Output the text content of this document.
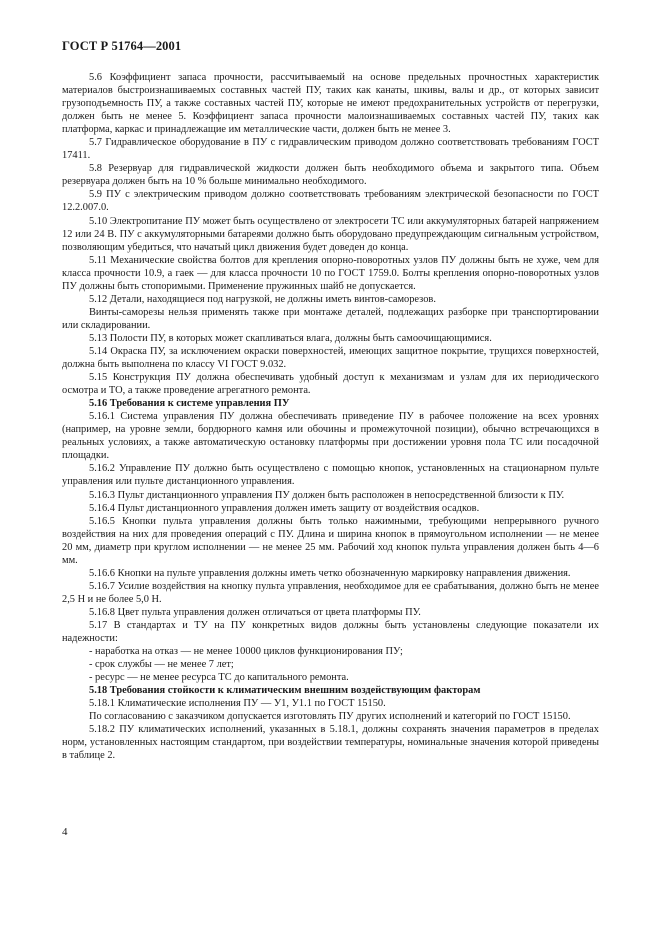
ГОСТ Р 51764—2001

5.6 Коэффициент запаса прочности, рассчитываемый на основе предельных прочностных характеристик материалов быстроизнашиваемых составных частей ПУ, таких как канаты, шкивы, валы и др., от которых зависит грузоподъемность ПУ, а также составных частей ПУ, которые не имеют предохранительных устройств от перегрузки, должен быть не менее 5. Коэффициент запаса прочности малоизнашиваемых составных частей ПУ, таких как платформа, каркас и принадлежащие им металлические части, должен быть не менее 3.

5.7 Гидравлическое оборудование в ПУ с гидравлическим приводом должно соответствовать требованиям ГОСТ 17411.

5.8 Резервуар для гидравлической жидкости должен быть необходимого объема и закрытого типа. Объем резервуара должен быть на 10 % больше минимально необходимого.

5.9 ПУ с электрическим приводом должно соответствовать требованиям электрической безопасности по ГОСТ 12.2.007.0.

5.10 Электропитание ПУ может быть осуществлено от электросети ТС или аккумуляторных батарей напряжением 12 или 24 В. ПУ с аккумуляторными батареями должно быть оборудовано предупреждающим сигнальным устройством, позволяющим убедиться, что начатый цикл движения будет доведен до конца.

5.11 Механические свойства болтов для крепления опорно-поворотных узлов ПУ должны быть не хуже, чем для класса прочности 10.9, а гаек — для класса прочности 10 по ГОСТ 1759.0. Болты крепления опорно-поворотных узлов ПУ должны быть стопоримыми. Применение пружинных шайб не допускается.

5.12 Детали, находящиеся под нагрузкой, не должны иметь винтов-саморезов.

Винты-саморезы нельзя применять также при монтаже деталей, подлежащих разборке при транспортировании или складировании.

5.13 Полости ПУ, в которых может скапливаться влага, должны быть самоочищающимися.

5.14 Окраска ПУ, за исключением окраски поверхностей, имеющих защитное покрытие, трущихся поверхностей, должна быть выполнена по классу VI ГОСТ 9.032.

5.15 Конструкция ПУ должна обеспечивать удобный доступ к механизмам и узлам для их периодического осмотра и ТО, а также проведение агрегатного ремонта.

5.16 Требования к системе управления ПУ

5.16.1 Система управления ПУ должна обеспечивать приведение ПУ в рабочее положение на всех уровнях (например, на уровне земли, бордюрного камня или обочины и промежуточной позиции), обычно встречающихся в реальных условиях, а также автоматическую остановку платформы при достижении уровня пола ТС или посадочной площадки.

5.16.2 Управление ПУ должно быть осуществлено с помощью кнопок, установленных на стационарном пульте управления или пульте дистанционного управления.

5.16.3 Пульт дистанционного управления ПУ должен быть расположен в непосредственной близости к ПУ.

5.16.4 Пульт дистанционного управления должен иметь защиту от воздействия осадков.

5.16.5 Кнопки пульта управления должны быть только нажимными, требующими непрерывного ручного воздействия на них для проведения операций с ПУ. Длина и ширина кнопок в прямоугольном исполнении — не менее 20 мм, диаметр при круглом исполнении — не менее 25 мм. Рабочий ход кнопок пульта управления должен быть 4—6 мм.

5.16.6 Кнопки на пульте управления должны иметь четко обозначенную маркировку направления движения.

5.16.7 Усилие воздействия на кнопку пульта управления, необходимое для ее срабатывания, должно быть не менее 2,5 Н и не более 5,0 Н.

5.16.8 Цвет пульта управления должен отличаться от цвета платформы ПУ.

5.17 В стандартах и ТУ на ПУ конкретных видов должны быть установлены следующие показатели их надежности:

- наработка на отказ — не менее 10000 циклов функционирования ПУ;

- срок службы — не менее 7 лет;

- ресурс — не менее ресурса ТС до капитального ремонта.

5.18 Требования стойкости к климатическим внешним воздействующим факторам

5.18.1 Климатические исполнения ПУ — У1, У1.1 по ГОСТ 15150.

По согласованию с заказчиком допускается изготовлять ПУ других исполнений и категорий по ГОСТ 15150.

5.18.2 ПУ климатических исполнений, указанных в 5.18.1, должны сохранять значения параметров в пределах норм, установленных настоящим стандартом, при воздействии температуры, номинальные значения которой приведены в таблице 2.

4
